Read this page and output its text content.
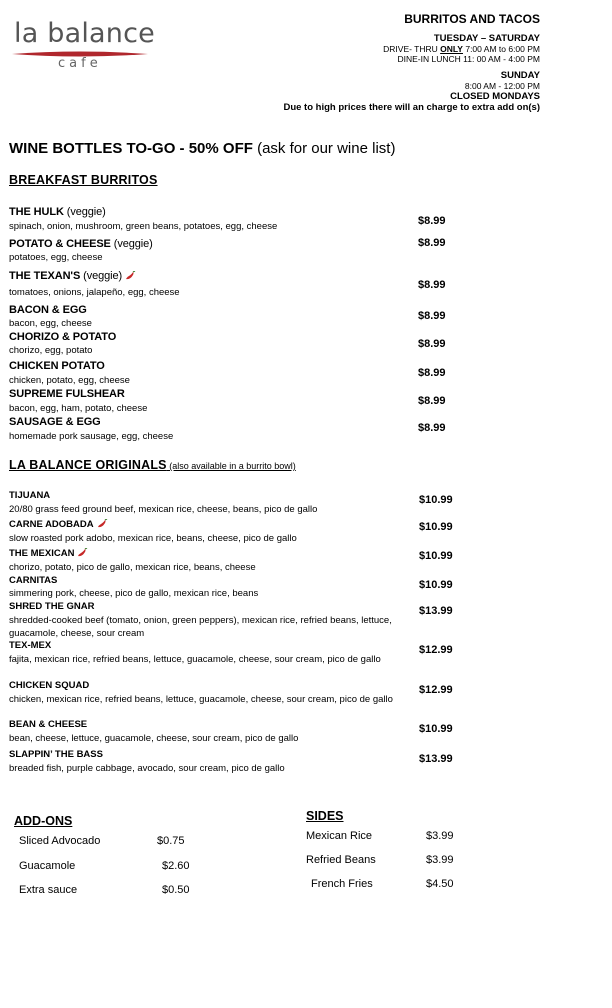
la balance
cafe
BURRITOS AND TACOS
TUESDAY – SATURDAY
DRIVE- THRU ONLY 7:00 AM to 6:00 PM
DINE-IN LUNCH 11: 00 AM - 4:00 PM
SUNDAY
8:00 AM - 12:00 PM
CLOSED MONDAYS
Due to high prices there will an charge to extra add on(s)
WINE BOTTLES TO-GO - 50% OFF (ask for our wine list)
BREAKFAST BURRITOS
THE HULK (veggie)
spinach, onion, mushroom, green beans, potatoes, egg, cheese	$8.99
POTATO & CHEESE (veggie)
potatoes, egg, cheese
$8.99
THE TEXAN'S (veggie)
tomatoes, onions, jalapeño, egg, cheese
$8.99
BACON & EGG
bacon, egg, cheese
$8.99
CHORIZO & POTATO
chorizo, egg, potato
$8.99
CHICKEN POTATO
chicken, potato, egg, cheese
$8.99
SUPREME FULSHEAR
bacon, egg, ham, potato, cheese
$8.99
SAUSAGE & EGG
homemade pork sausage, egg, cheese
$8.99
LA BALANCE ORIGINALS (also available in a burrito bowl)
TIJUANA
20/80 grass feed ground beef, mexican rice, cheese, beans, pico de gallo
$10.99
CARNE ADOBADA
slow roasted pork adobo, mexican rice, beans, cheese, pico de gallo
$10.99
THE MEXICAN
chorizo, potato, pico de gallo, mexican rice, beans, cheese
$10.99
CARNITAS
simmering pork, cheese, pico de gallo, mexican rice, beans
$10.99
SHRED THE GNAR
shredded-cooked beef (tomato, onion, green peppers), mexican rice, refried beans, lettuce, guacamole, cheese, sour cream
$13.99
TEX-MEX
fajita, mexican rice, refried beans, lettuce, guacamole, cheese, sour cream, pico de gallo
$12.99
CHICKEN SQUAD
chicken, mexican rice, refried beans, lettuce, guacamole, cheese, sour cream, pico de gallo
$12.99
BEAN & CHEESE
bean, cheese, lettuce, guacamole, cheese, sour cream, pico de gallo
$10.99
SLAPPIN’ THE BASS
breaded fish, purple cabbage, avocado, sour cream, pico de gallo
$13.99
ADD-ONS
Sliced Advocado	$0.75
Guacamole	$2.60
Extra sauce	$0.50
SIDES
Mexican Rice	$3.99
Refried Beans	$3.99
French Fries	$4.50
